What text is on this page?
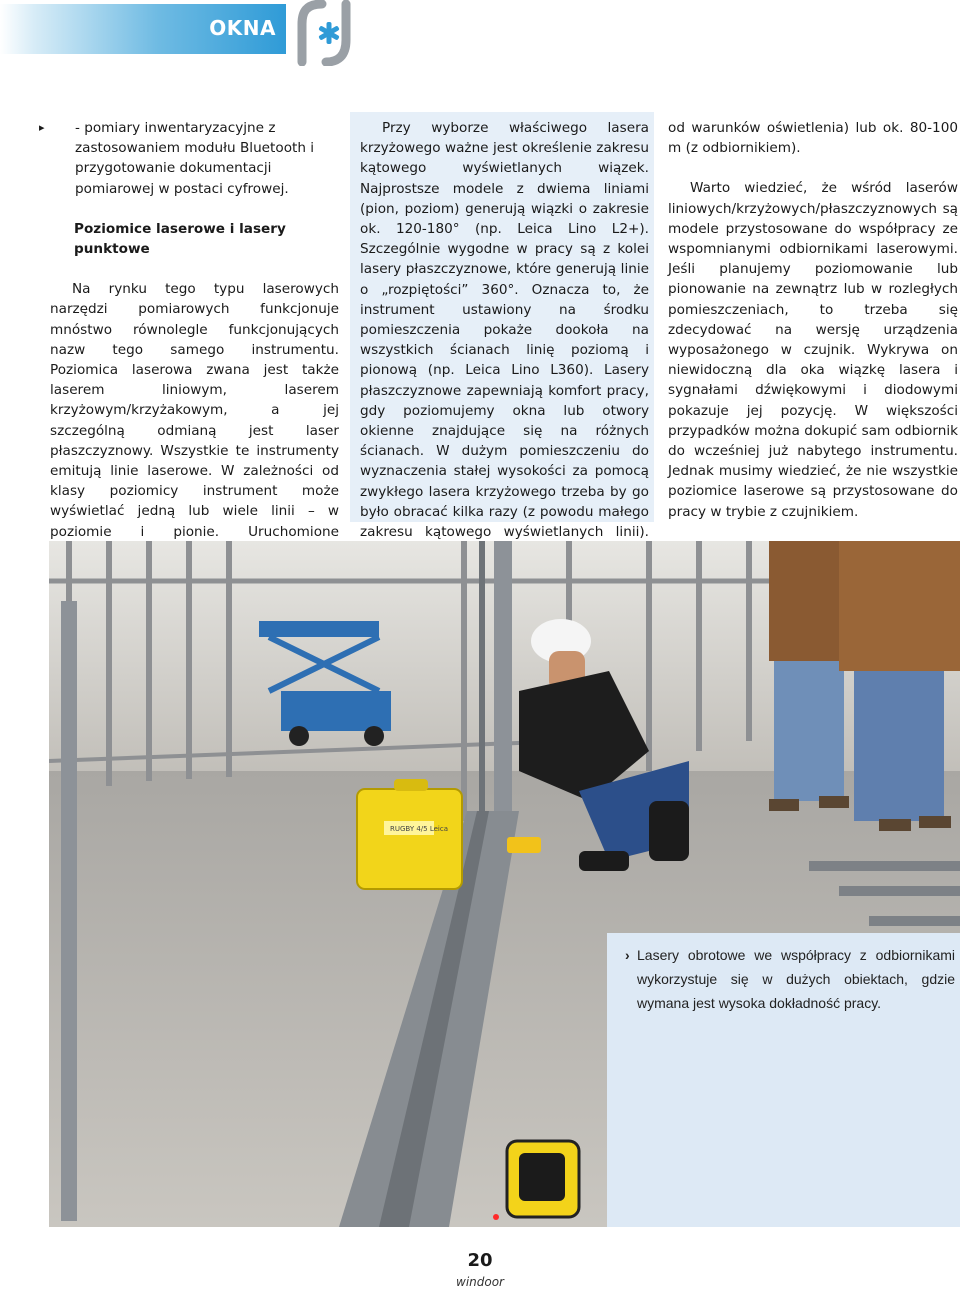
OKNA

▸ - pomiary inwentaryzacyjne z zastosowaniem modułu Bluetooth i przygotowanie dokumentacji pomiarowej w postaci cyfrowej.

Poziomice laserowe i lasery punktowe

Na rynku tego typu laserowych narzędzi pomiarowych funkcjonuje mnóstwo równolegle funkcjonujących nazw tego samego instrumentu. Poziomica laserowa zwana jest także laserem liniowym, laserem krzyżowym/krzyżakowym, a jej szczególną odmianą jest laser płaszczyznowy. Wszystkie te instrumenty emitują linie laserowe. W zależności od klasy poziomicy instrument może wyświetlać jedną lub wiele linii – w poziomie i pionie. Uruchomione

Przy wyborze właściwego lasera krzyżowego ważne jest określenie zakresu kątowego wyświetlanych wiązek. Najprostsze modele z dwiema liniami (pion, poziom) generują wiązki o zakresie ok. 120-180° (np. Leica Lino L2+). Szczególnie wygodne w pracy są z kolei lasery płaszczyznowe, które generują linie o „rozpiętości” 360°. Oznacza to, że instrument ustawiony na środku pomieszczenia pokaże dookoła na wszystkich ścianach linię poziomą i pionową (np. Leica Lino L360). Lasery płaszczyznowe zapewniają komfort pracy, gdy poziomujemy okna lub otwory okienne znajdujące się na różnych ścianach. W dużym pomieszczeniu do wyznaczenia stałej wysokości za pomocą zwykłego lasera krzyżowego trzeba by go było obracać kilka razy (z powodu małego zakresu kątowego wyświetlanych linii).

od warunków oświetlenia) lub ok. 80-100 m (z odbiornikiem).

Warto wiedzieć, że wśród laserów liniowych/krzyżowych/płaszczyznowych są modele przystosowane do współpracy ze wspomnianymi odbiornikami laserowymi. Jeśli planujemy poziomowanie lub pionowanie na zewnątrz lub w rozległych pomieszczeniach, to trzeba się zdecydować na wersję urządzenia wyposażonego w czujnik. Wykrywa on niewidoczną dla oka wiązkę lasera i sygnałami dźwiękowymi i diodowymi pokazuje jej pozycję. W większości przypadków można dokupić sam odbiornik do wcześniej już nabytego instrumentu. Jednak musimy wiedzieć, że nie wszystkie poziomice laserowe są przystosowane do pracy w trybie z czujnikiem.

RUGBY 4/5 Leica
› Lasery obrotowe we współpracy z odbiornikami wykorzystuje się w dużych obiektach, gdzie wymana jest wysoka dokładność pracy.
20
windoor
